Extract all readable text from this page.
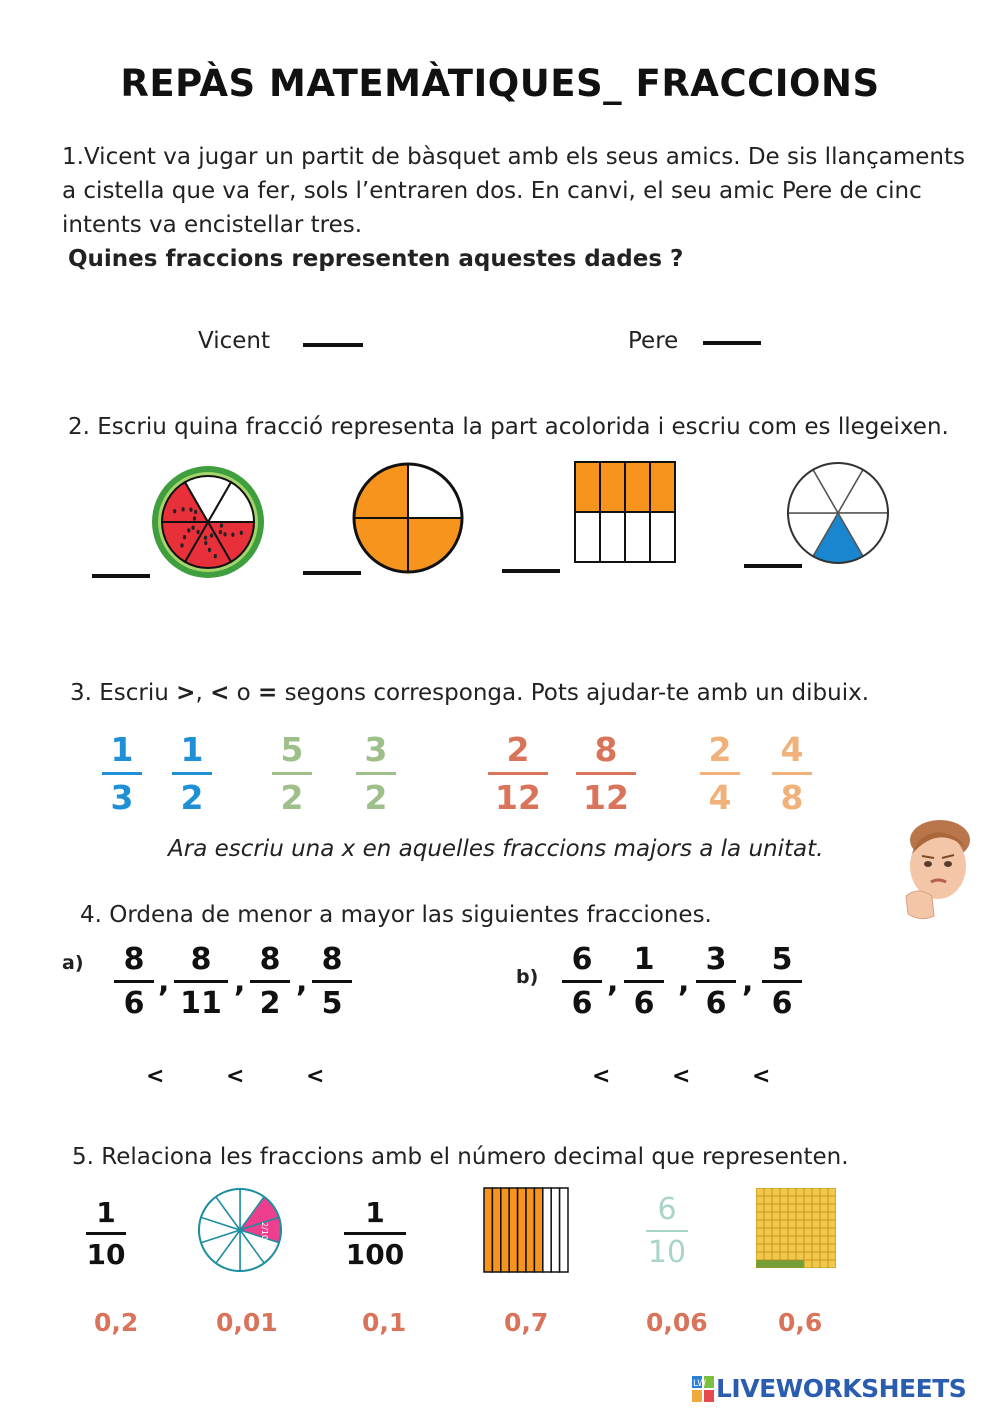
REPÀS MATEMÀTIQUES_ FRACCIONS
1.Vicent va jugar un partit de bàsquet amb els seus amics. De sis llançaments
a cistella que va fer, sols l’entraren dos. En canvi, el seu amic Pere de cinc
intents va encistellar tres.
Quines fraccions representen aquestes dades ?
Vicent	Pere
2. Escriu quina fracció representa la part acolorida i escriu com es llegeixen.
3. Escriu >, < o = segons corresponga. Pots ajudar-te amb un dibuix.
1
3
1
2
5
2
3
2
2
12
8
12
2
4
4
8
Ara escriu una x en aquelles fraccions majors a la unitat.
4. Ordena de menor a mayor las siguientes fracciones.
a)
b)
8
6
8
11
8
2
8
5
, , ,
6
6
1
6
3
6
5
6
, , ,
<	<	<	<	<	<
5. Relaciona les fraccions amb el número decimal que representen.
1
10
2/10
1
100
6
10
0,2	0,01	0,1	0,7	0,06	0,6
LW LIVEWORKSHEETS
